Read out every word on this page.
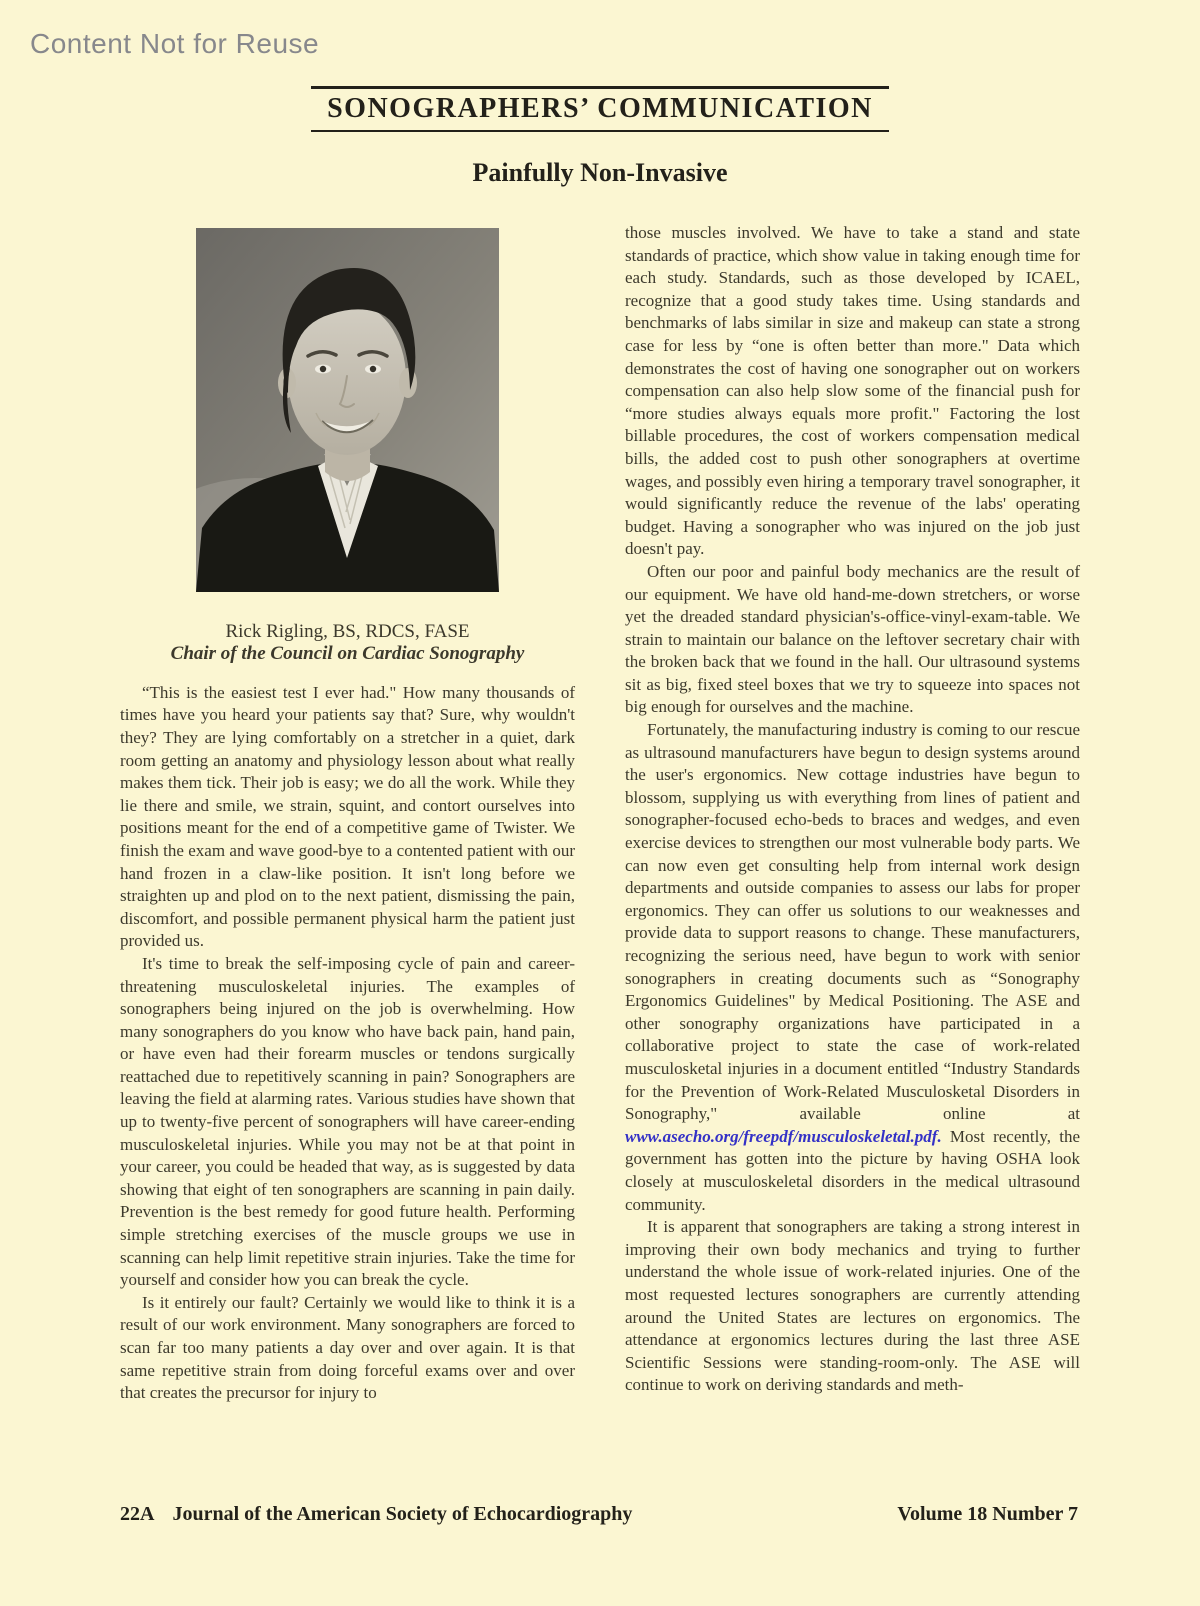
Content Not for Reuse
SONOGRAPHERS’ COMMUNICATION
Painfully Non-Invasive

Rick Rigling, BS, RDCS, FASE

Chair of the Council on Cardiac Sonography

“This is the easiest test I ever had." How many thousands of times have you heard your patients say that? Sure, why wouldn't they? They are lying comfortably on a stretcher in a quiet, dark room getting an anatomy and physiology lesson about what really makes them tick. Their job is easy; we do all the work. While they lie there and smile, we strain, squint, and contort ourselves into positions meant for the end of a competitive game of Twister. We finish the exam and wave good-bye to a contented patient with our hand frozen in a claw-like position. It isn't long before we straighten up and plod on to the next patient, dismissing the pain, discomfort, and possible permanent physical harm the patient just provided us.

It's time to break the self-imposing cycle of pain and career-threatening musculoskeletal injuries. The examples of sonographers being injured on the job is overwhelming. How many sonographers do you know who have back pain, hand pain, or have even had their forearm muscles or tendons surgically reattached due to repetitively scanning in pain? Sonographers are leaving the field at alarming rates. Various studies have shown that up to twenty-five percent of sonographers will have career-ending musculoskeletal injuries. While you may not be at that point in your career, you could be headed that way, as is suggested by data showing that eight of ten sonographers are scanning in pain daily. Prevention is the best remedy for good future health. Performing simple stretching exercises of the muscle groups we use in scanning can help limit repetitive strain injuries. Take the time for yourself and consider how you can break the cycle.

Is it entirely our fault? Certainly we would like to think it is a result of our work environment. Many sonographers are forced to scan far too many patients a day over and over again. It is that same repetitive strain from doing forceful exams over and over that creates the precursor for injury to

those muscles involved. We have to take a stand and state standards of practice, which show value in taking enough time for each study. Standards, such as those developed by ICAEL, recognize that a good study takes time. Using standards and benchmarks of labs similar in size and makeup can state a strong case for less by “one is often better than more." Data which demonstrates the cost of having one sonographer out on workers compensation can also help slow some of the financial push for “more studies always equals more profit." Factoring the lost billable procedures, the cost of workers compensation medical bills, the added cost to push other sonographers at overtime wages, and possibly even hiring a temporary travel sonographer, it would significantly reduce the revenue of the labs' operating budget. Having a sonographer who was injured on the job just doesn't pay.

Often our poor and painful body mechanics are the result of our equipment. We have old hand-me-down stretchers, or worse yet the dreaded standard physician's-office-vinyl-exam-table. We strain to maintain our balance on the leftover secretary chair with the broken back that we found in the hall. Our ultrasound systems sit as big, fixed steel boxes that we try to squeeze into spaces not big enough for ourselves and the machine.

Fortunately, the manufacturing industry is coming to our rescue as ultrasound manufacturers have begun to design systems around the user's ergonomics. New cottage industries have begun to blossom, supplying us with everything from lines of patient and sonographer-focused echo-beds to braces and wedges, and even exercise devices to strengthen our most vulnerable body parts. We can now even get consulting help from internal work design departments and outside companies to assess our labs for proper ergonomics. They can offer us solutions to our weaknesses and provide data to support reasons to change. These manufacturers, recognizing the serious need, have begun to work with senior sonographers in creating documents such as “Sonography Ergonomics Guidelines" by Medical Positioning. The ASE and other sonography organizations have participated in a collaborative project to state the case of work-related musculosketal injuries in a document entitled “Industry Standards for the Prevention of Work-Related Musculosketal Disorders in Sonography," available online at www.asecho.org/freepdf/musculoskeletal.pdf. Most recently, the government has gotten into the picture by having OSHA look closely at musculoskeletal disorders in the medical ultrasound community.

It is apparent that sonographers are taking a strong interest in improving their own body mechanics and trying to further understand the whole issue of work-related injuries. One of the most requested lectures sonographers are currently attending around the United States are lectures on ergonomics. The attendance at ergonomics lectures during the last three ASE Scientific Sessions were standing-room-only. The ASE will continue to work on deriving standards and meth-

22A Journal of the American Society of Echocardiography	Volume 18 Number 7
